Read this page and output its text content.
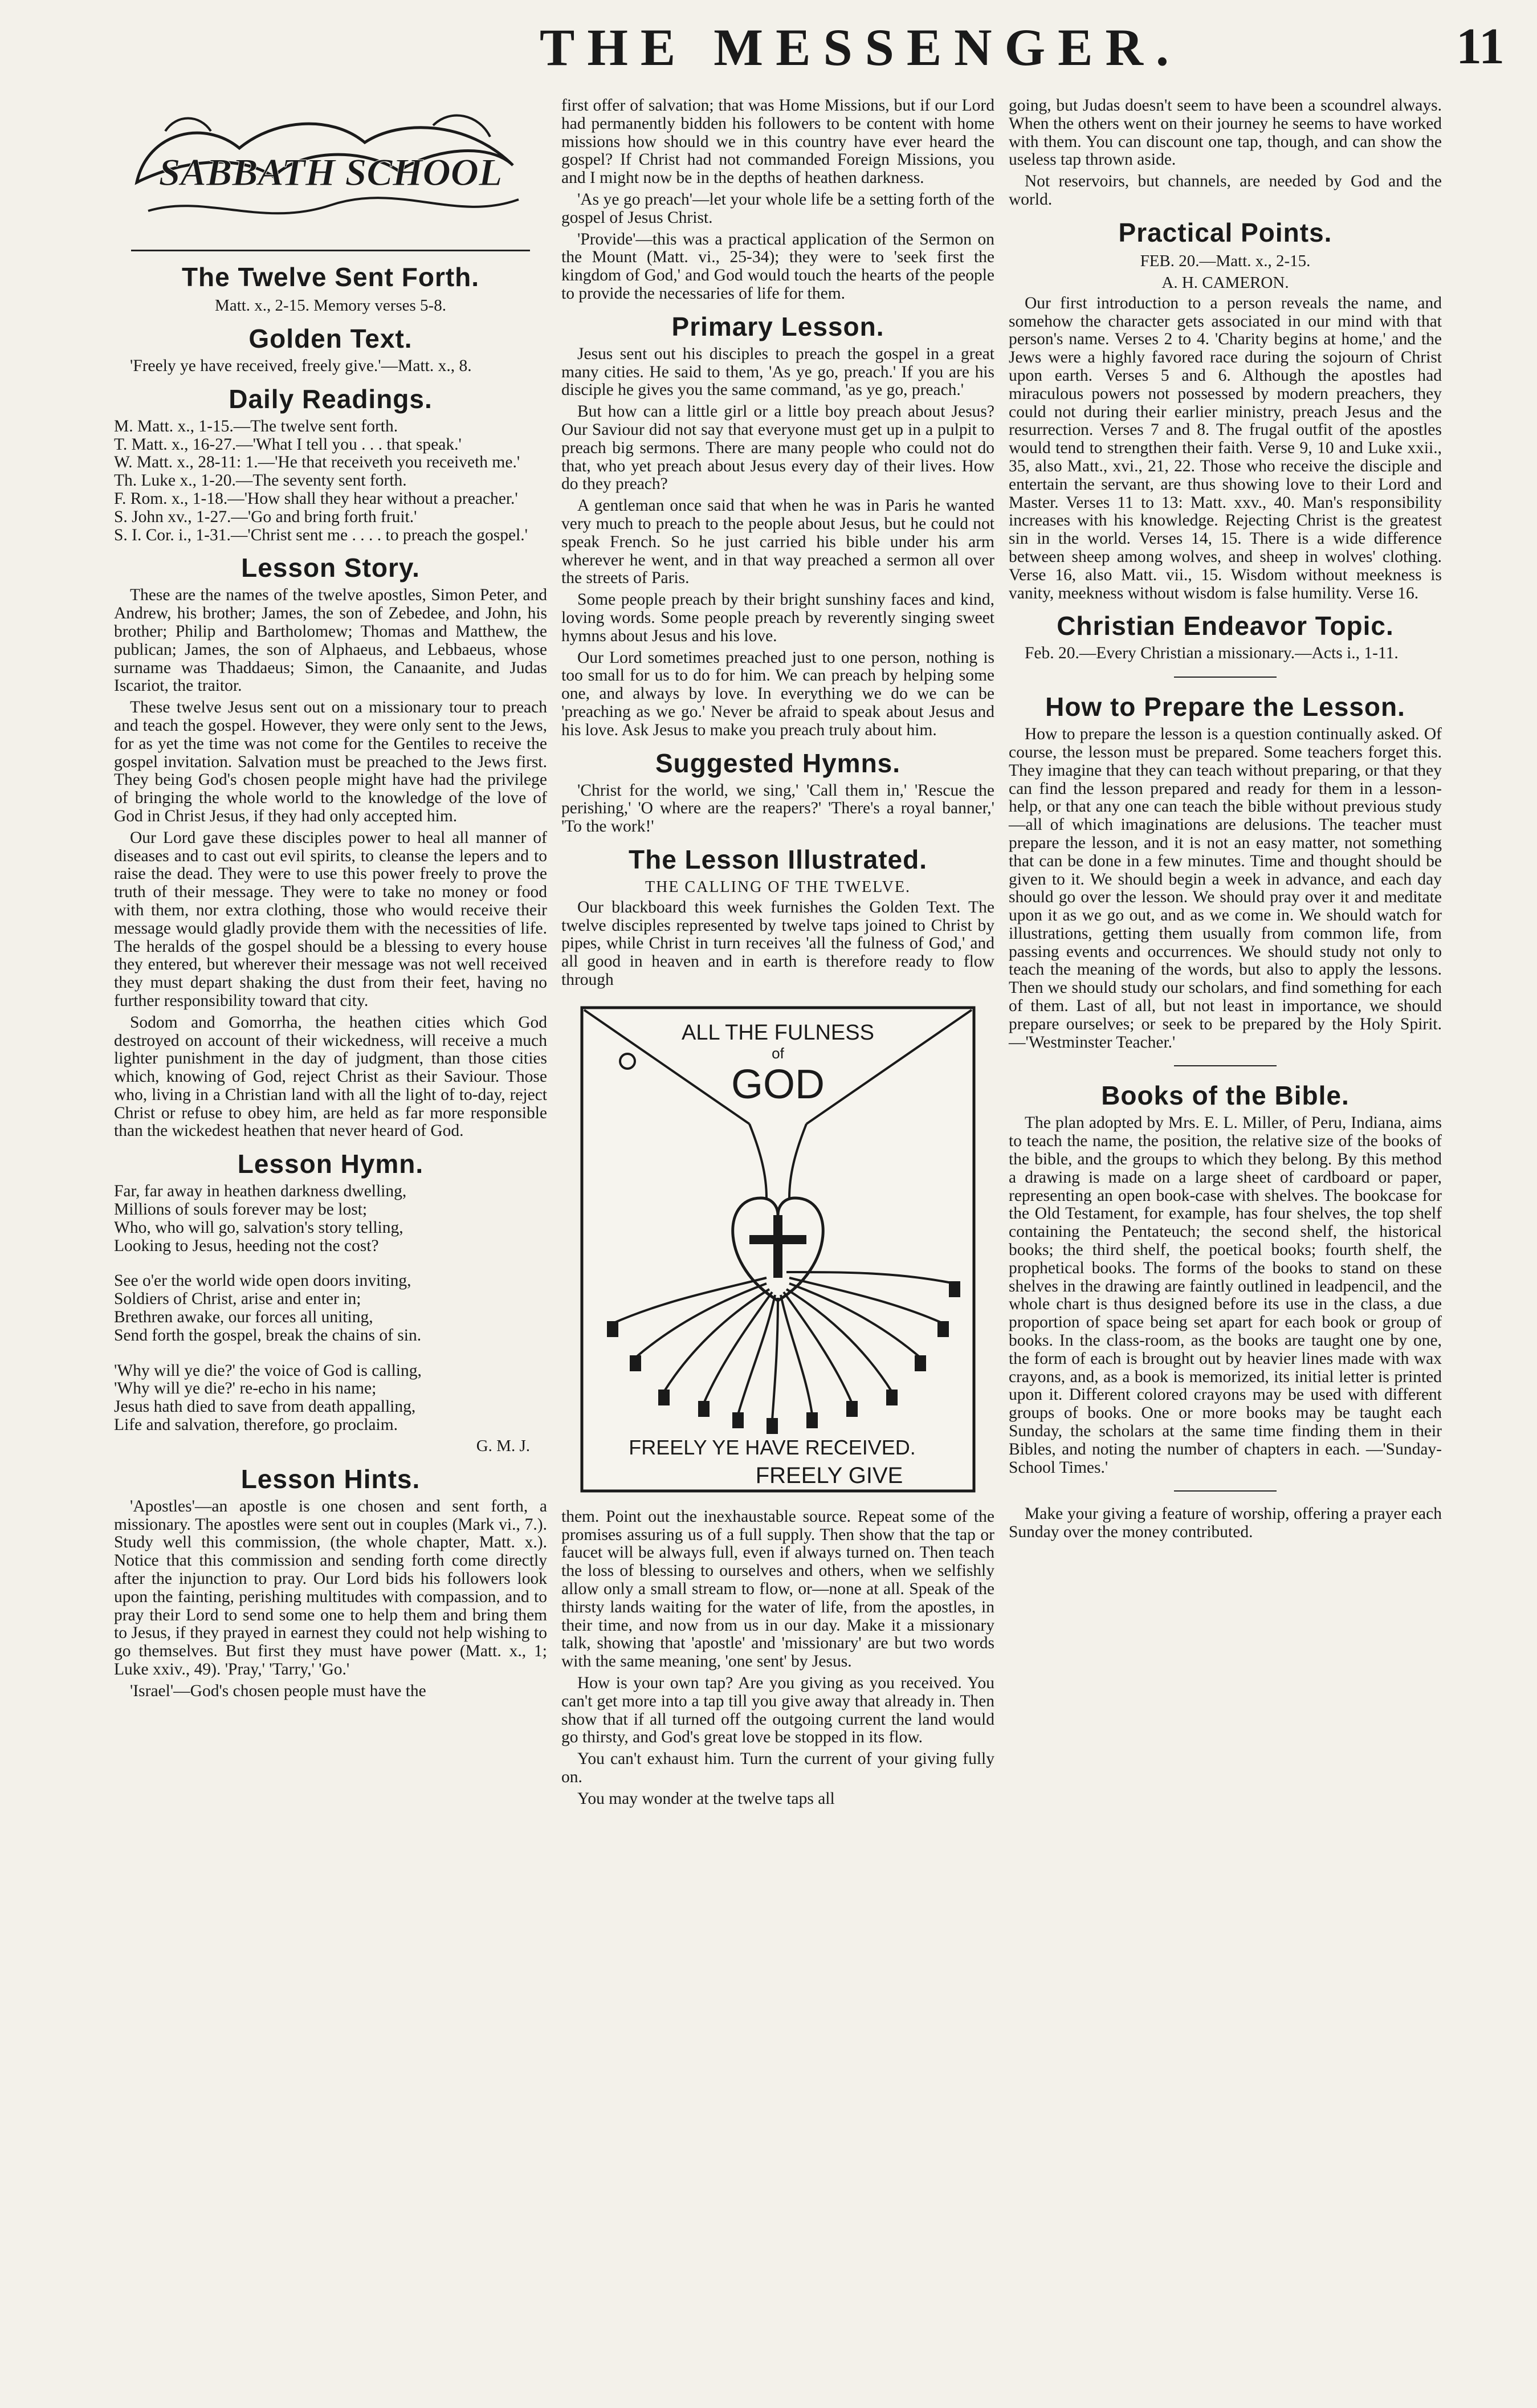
THE MESSENGER.	11
SABBATH SCHOOL
The Twelve Sent Forth.
Matt. x., 2-15. Memory verses 5-8.
Golden Text.

'Freely ye have received, freely give.'—Matt. x., 8.

Daily Readings.
M. Matt. x., 1-15.—The twelve sent forth.
T. Matt. x., 16-27.—'What I tell you . . . that speak.'
W. Matt. x., 28-11: 1.—'He that receiveth you receiveth me.'
Th. Luke x., 1-20.—The seventy sent forth.
F. Rom. x., 1-18.—'How shall they hear without a preacher.'
S. John xv., 1-27.—'Go and bring forth fruit.'
S. I. Cor. i., 1-31.—'Christ sent me . . . . to preach the gospel.'
Lesson Story.

These are the names of the twelve apostles, Simon Peter, and Andrew, his brother; James, the son of Zebedee, and John, his brother; Philip and Bartholomew; Thomas and Matthew, the publican; James, the son of Alphaeus, and Lebbaeus, whose surname was Thaddaeus; Simon, the Canaanite, and Judas Iscariot, the traitor.

These twelve Jesus sent out on a missionary tour to preach and teach the gospel. However, they were only sent to the Jews, for as yet the time was not come for the Gentiles to receive the gospel invitation. Salvation must be preached to the Jews first. They being God's chosen people might have had the privilege of bringing the whole world to the knowledge of the love of God in Christ Jesus, if they had only accepted him.

Our Lord gave these disciples power to heal all manner of diseases and to cast out evil spirits, to cleanse the lepers and to raise the dead. They were to use this power freely to prove the truth of their message. They were to take no money or food with them, nor extra clothing, those who would receive their message would gladly provide them with the necessities of life. The heralds of the gospel should be a blessing to every house they entered, but wherever their message was not well received they must depart shaking the dust from their feet, having no further responsibility toward that city.

Sodom and Gomorrha, the heathen cities which God destroyed on account of their wickedness, will receive a much lighter punishment in the day of judgment, than those cities which, knowing of God, reject Christ as their Saviour. Those who, living in a Christian land with all the light of to-day, reject Christ or refuse to obey him, are held as far more responsible than the wickedest heathen that never heard of God.

Lesson Hymn.
Far, far away in heathen darkness dwelling,
Millions of souls forever may be lost;
Who, who will go, salvation's story telling,
Looking to Jesus, heeding not the cost?
See o'er the world wide open doors inviting,
Soldiers of Christ, arise and enter in;
Brethren awake, our forces all uniting,
Send forth the gospel, break the chains of sin.
'Why will ye die?' the voice of God is calling,
'Why will ye die?' re-echo in his name;
Jesus hath died to save from death appalling,
Life and salvation, therefore, go proclaim.
G. M. J.
Lesson Hints.

'Apostles'—an apostle is one chosen and sent forth, a missionary. The apostles were sent out in couples (Mark vi., 7.). Study well this commission, (the whole chapter, Matt. x.). Notice that this commission and sending forth come directly after the injunction to pray. Our Lord bids his followers look upon the fainting, perishing multitudes with compassion, and to pray their Lord to send some one to help them and bring them to Jesus, if they prayed in earnest they could not help wishing to go themselves. But first they must have power (Matt. x., 1; Luke xxiv., 49). 'Pray,' 'Tarry,' 'Go.'

'Israel'—God's chosen people must have the

first offer of salvation; that was Home Missions, but if our Lord had permanently bidden his followers to be content with home missions how should we in this country have ever heard the gospel? If Christ had not commanded Foreign Missions, you and I might now be in the depths of heathen darkness.

'As ye go preach'—let your whole life be a setting forth of the gospel of Jesus Christ.

'Provide'—this was a practical application of the Sermon on the Mount (Matt. vi., 25-34); they were to 'seek first the kingdom of God,' and God would touch the hearts of the people to provide the necessaries of life for them.

Primary Lesson.

Jesus sent out his disciples to preach the gospel in a great many cities. He said to them, 'As ye go, preach.' If you are his disciple he gives you the same command, 'as ye go, preach.'

But how can a little girl or a little boy preach about Jesus? Our Saviour did not say that everyone must get up in a pulpit to preach big sermons. There are many people who could not do that, who yet preach about Jesus every day of their lives. How do they preach?

A gentleman once said that when he was in Paris he wanted very much to preach to the people about Jesus, but he could not speak French. So he just carried his bible under his arm wherever he went, and in that way preached a sermon all over the streets of Paris.

Some people preach by their bright sunshiny faces and kind, loving words. Some people preach by reverently singing sweet hymns about Jesus and his love.

Our Lord sometimes preached just to one person, nothing is too small for us to do for him. We can preach by helping some one, and always by love. In everything we do we can be 'preaching as we go.' Never be afraid to speak about Jesus and his love. Ask Jesus to make you preach truly about him.

Suggested Hymns.

'Christ for the world, we sing,' 'Call them in,' 'Rescue the perishing,' 'O where are the reapers?' 'There's a royal banner,' 'To the work!'

The Lesson Illustrated.
THE CALLING OF THE TWELVE.

Our blackboard this week furnishes the Golden Text. The twelve disciples represented by twelve taps joined to Christ by pipes, while Christ in turn receives 'all the fulness of God,' and all good in heaven and in earth is therefore ready to flow through

ALL THE FULNESS
of
GOD
FREELY YE HAVE RECEIVED.
FREELY GIVE

them. Point out the inexhaustable source. Repeat some of the promises assuring us of a full supply. Then show that the tap or faucet will be always full, even if always turned on. Then teach the loss of blessing to ourselves and others, when we selfishly allow only a small stream to flow, or—none at all. Speak of the thirsty lands waiting for the water of life, from the apostles, in their time, and now from us in our day. Make it a missionary talk, showing that 'apostle' and 'missionary' are but two words with the same meaning, 'one sent' by Jesus.

How is your own tap? Are you giving as you received. You can't get more into a tap till you give away that already in. Then show that if all turned off the outgoing current the land would go thirsty, and God's great love be stopped in its flow.

You can't exhaust him. Turn the current of your giving fully on.

You may wonder at the twelve taps all

going, but Judas doesn't seem to have been a scoundrel always. When the others went on their journey he seems to have worked with them. You can discount one tap, though, and can show the useless tap thrown aside.

Not reservoirs, but channels, are needed by God and the world.

Practical Points.
FEB. 20.—Matt. x., 2-15.
A. H. CAMERON.

Our first introduction to a person reveals the name, and somehow the character gets associated in our mind with that person's name. Verses 2 to 4. 'Charity begins at home,' and the Jews were a highly favored race during the sojourn of Christ upon earth. Verses 5 and 6. Although the apostles had miraculous powers not possessed by modern preachers, they could not during their earlier ministry, preach Jesus and the resurrection. Verses 7 and 8. The frugal outfit of the apostles would tend to strengthen their faith. Verse 9, 10 and Luke xxii., 35, also Matt., xvi., 21, 22. Those who receive the disciple and entertain the servant, are thus showing love to their Lord and Master. Verses 11 to 13: Matt. xxv., 40. Man's responsibility increases with his knowledge. Rejecting Christ is the greatest sin in the world. Verses 14, 15. There is a wide difference between sheep among wolves, and sheep in wolves' clothing. Verse 16, also Matt. vii., 15. Wisdom without meekness is vanity, meekness without wisdom is false humility. Verse 16.

Christian Endeavor Topic.

Feb. 20.—Every Christian a missionary.—Acts i., 1-11.

How to Prepare the Lesson.

How to prepare the lesson is a question continually asked. Of course, the lesson must be prepared. Some teachers forget this. They imagine that they can teach without preparing, or that they can find the lesson prepared and ready for them in a lesson-help, or that any one can teach the bible without previous study—all of which imaginations are delusions. The teacher must prepare the lesson, and it is not an easy matter, not something that can be done in a few minutes. Time and thought should be given to it. We should begin a week in advance, and each day should go over the lesson. We should pray over it and meditate upon it as we go out, and as we come in. We should watch for illustrations, getting them usually from common life, from passing events and occurrences. We should study not only to teach the meaning of the words, but also to apply the lessons. Then we should study our scholars, and find something for each of them. Last of all, but not least in importance, we should prepare ourselves; or seek to be prepared by the Holy Spirit.—'Westminster Teacher.'

Books of the Bible.

The plan adopted by Mrs. E. L. Miller, of Peru, Indiana, aims to teach the name, the position, the relative size of the books of the bible, and the groups to which they belong. By this method a drawing is made on a large sheet of cardboard or paper, representing an open book-case with shelves. The bookcase for the Old Testament, for example, has four shelves, the top shelf containing the Pentateuch; the second shelf, the historical books; the third shelf, the poetical books; fourth shelf, the prophetical books. The forms of the books to stand on these shelves in the drawing are faintly outlined in leadpencil, and the whole chart is thus designed before its use in the class, a due proportion of space being set apart for each book or group of books. In the class-room, as the books are taught one by one, the form of each is brought out by heavier lines made with wax crayons, and, as a book is memorized, its initial letter is printed upon it. Different colored crayons may be used with different groups of books. One or more books may be taught each Sunday, the scholars at the same time finding them in their Bibles, and noting the number of chapters in each. —'Sunday-School Times.'

Make your giving a feature of worship, offering a prayer each Sunday over the money contributed.
